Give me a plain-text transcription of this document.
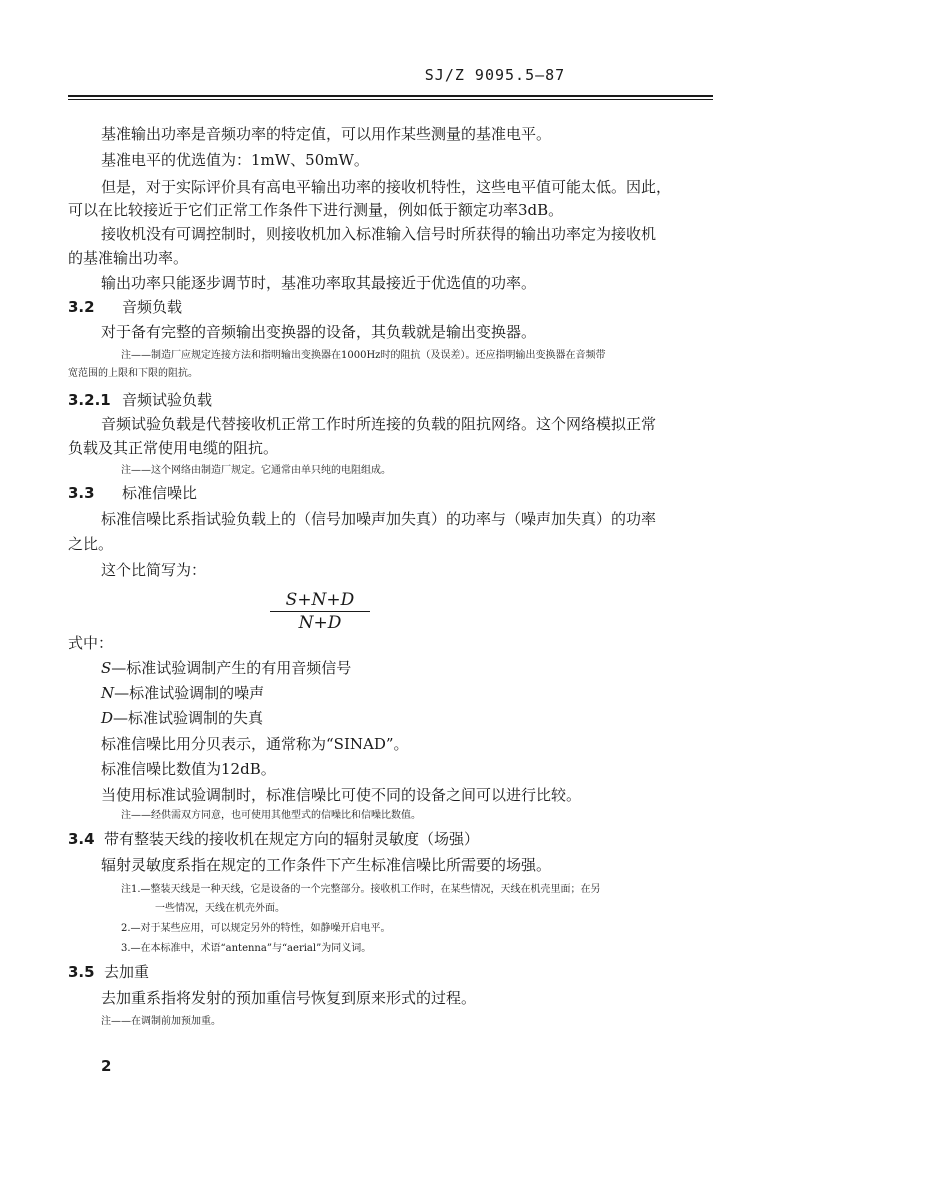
SJ/Z 9095.5—87
基准输出功率是音频功率的特定值，可以用作某些测量的基准电平。
基准电平的优选值为：1mW、50mW。
但是，对于实际评价具有高电平输出功率的接收机特性，这些电平值可能太低。因此，
可以在比较接近于它们正常工作条件下进行测量，例如低于额定功率3dB。
接收机没有可调控制时，则接收机加入标准输入信号时所获得的输出功率定为接收机
的基准输出功率。
输出功率只能逐步调节时，基准功率取其最接近于优选值的功率。
3.2 音频负载
对于备有完整的音频输出变换器的设备，其负载就是输出变换器。
注——制造厂应规定连接方法和指明输出变换器在1000Hz时的阻抗（及误差）。还应指明输出变换器在音频带
宽范围的上限和下限的阻抗。
3.2.1 音频试验负载
音频试验负载是代替接收机正常工作时所连接的负载的阻抗网络。这个网络模拟正常
负载及其正常使用电缆的阻抗。
注——这个网络由制造厂规定。它通常由单只纯的电阻组成。
3.3 标准信噪比
标准信噪比系指试验负载上的（信号加噪声加失真）的功率与（噪声加失真）的功率
之比。
这个比简写为：
S+N+D
N+D
式中：
S—标准试验调制产生的有用音频信号
N—标准试验调制的噪声
D—标准试验调制的失真
标准信噪比用分贝表示，通常称为“SINAD”。
标准信噪比数值为12dB。
当使用标准试验调制时，标准信噪比可使不同的设备之间可以进行比较。
注——经供需双方同意，也可使用其他型式的信噪比和信噪比数值。
3.4 带有整装天线的接收机在规定方向的辐射灵敏度（场强）
辐射灵敏度系指在规定的工作条件下产生标准信噪比所需要的场强。
注1.—整装天线是一种天线，它是设备的一个完整部分。接收机工作时，在某些情况，天线在机壳里面；在另
一些情况，天线在机壳外面。
2.—对于某些应用，可以规定另外的特性，如静噪开启电平。
3.—在本标准中，术语“antenna”与“aerial”为同义词。
3.5 去加重
去加重系指将发射的预加重信号恢复到原来形式的过程。
注——在调制前加预加重。
2
